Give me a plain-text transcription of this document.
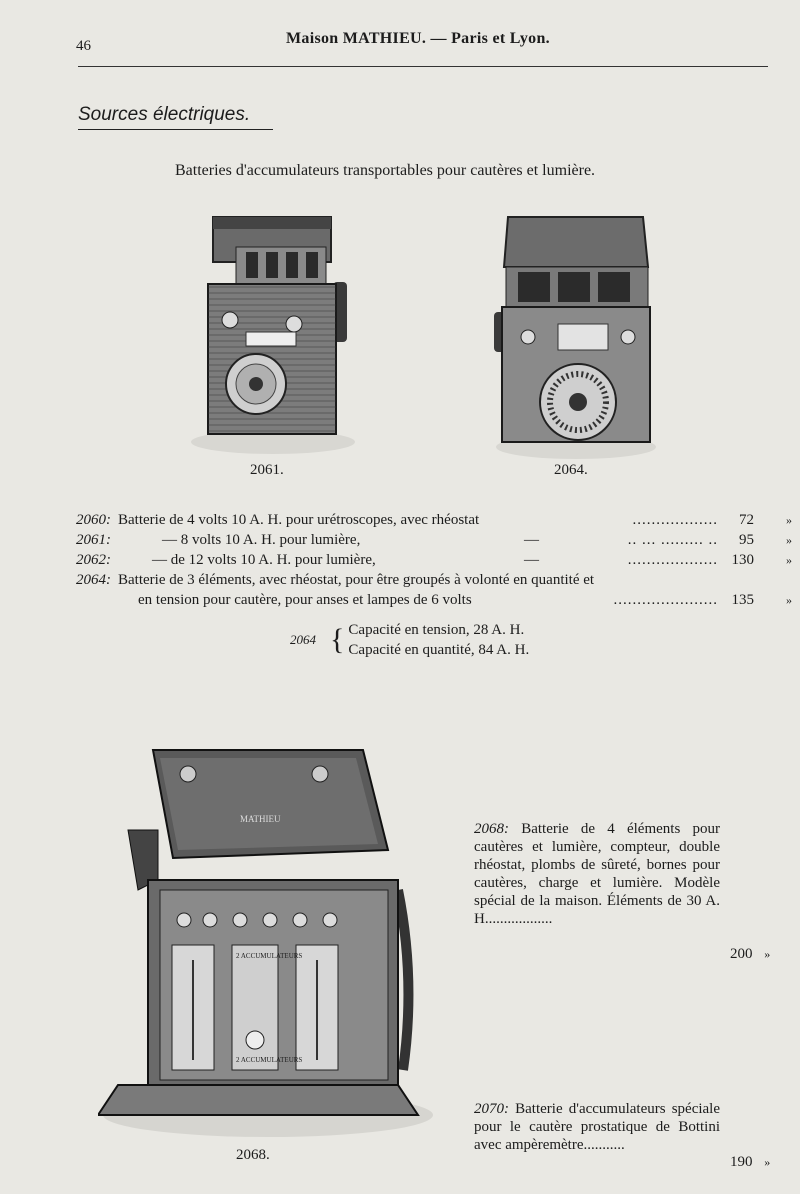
46	Maison MATHIEU. — Paris et Lyon.
Sources électriques.
Batteries d'accumulateurs transportables pour cautères et lumière.
2061.	2064.
2060: Batterie de 4 volts 10 A. H. pour urétroscopes, avec rhéostat	.................. 72	»
2061:	— 8 volts 10 A. H. pour lumière,	—	.. ... ......... .. 95	»
2062:	— de 12 volts 10 A. H. pour lumière,	—	................... 130	»
2064: Batterie de 3 éléments, avec rhéostat, pour être groupés à volonté en quantité et
en tension pour cautère, pour anses et lampes de 6 volts	...................... 135	»
2064 { Capacité en tension, 28 A. H.
Capacité en quantité, 84 A. H.
MATHIEU
2 ACCUMULATEURS
2 ACCUMULATEURS
2068.
2068: Batterie de 4 éléments pour cautères et lumière, compteur, double rhéostat, plombs de sûreté, bornes pour cautères, charge et lumière. Modèle spécial de la maison. Éléments de 30 A. H..................
200 »
2070: Batterie d'accumulateurs spéciale pour le cautère prostatique de Bottini avec ampèremètre...........
190 »
